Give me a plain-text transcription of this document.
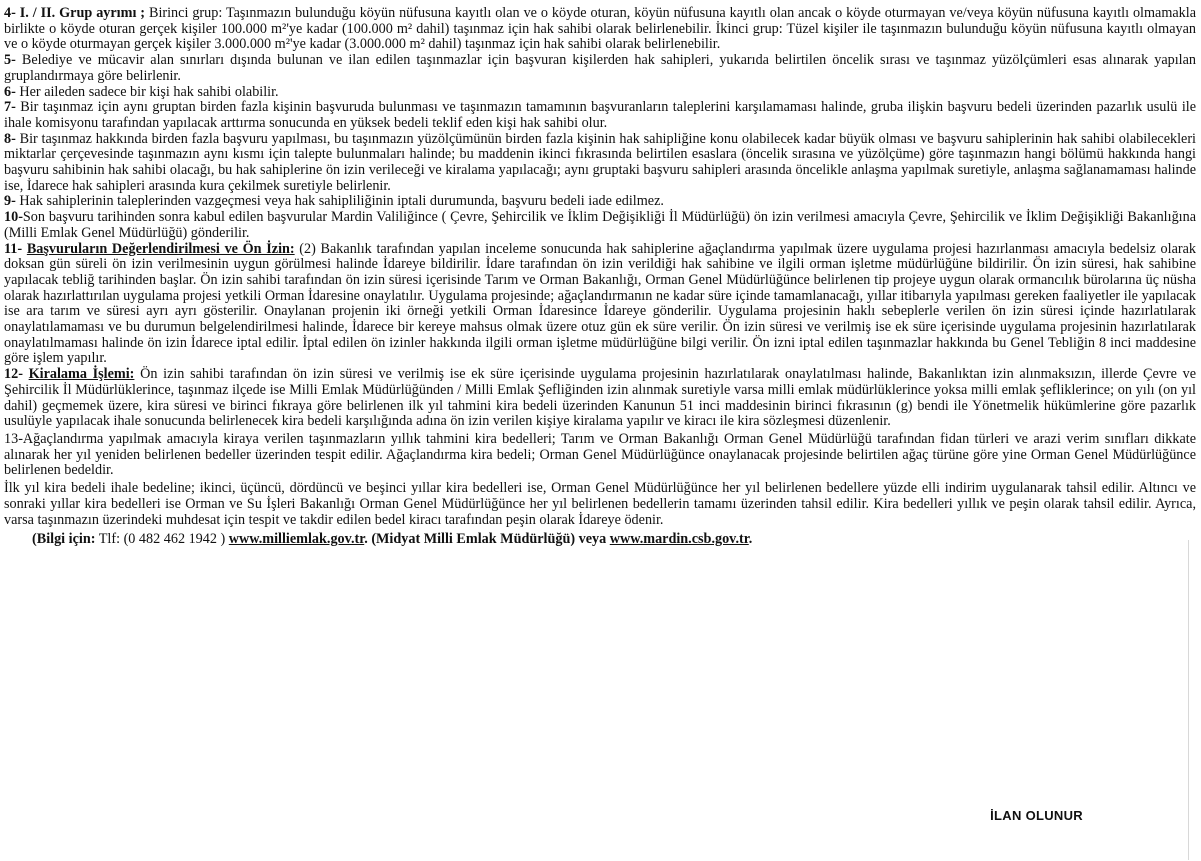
4- I. / II. Grup ayrımı ; Birinci grup: Taşınmazın bulunduğu köyün nüfusuna kayıtlı olan ve o köyde oturan, köyün nüfusuna kayıtlı olan ancak o köyde oturmayan ve/veya köyün nüfusuna kayıtlı olmamakla birlikte o köyde oturan gerçek kişiler 100.000 m²'ye kadar (100.000 m² dahil) taşınmaz için hak sahibi olarak belirlenebilir. İkinci grup: Tüzel kişiler ile taşınmazın bulunduğu köyün nüfusuna kayıtlı olmayan ve o köyde oturmayan gerçek kişiler 3.000.000 m²'ye kadar (3.000.000 m² dahil) taşınmaz için hak sahibi olarak belirlenebilir.

5- Belediye ve mücavir alan sınırları dışında bulunan ve ilan edilen taşınmazlar için başvuran kişilerden hak sahipleri, yukarıda belirtilen öncelik sırası ve taşınmaz yüzölçümleri esas alınarak yapılan gruplandırmaya göre belirlenir.

6- Her aileden sadece bir kişi hak sahibi olabilir.

7- Bir taşınmaz için aynı gruptan birden fazla kişinin başvuruda bulunması ve taşınmazın tamamının başvuranların taleplerini karşılamaması halinde, gruba ilişkin başvuru bedeli üzerinden pazarlık usulü ile ihale komisyonu tarafından yapılacak arttırma sonucunda en yüksek bedeli teklif eden kişi hak sahibi olur.

8- Bir taşınmaz hakkında birden fazla başvuru yapılması, bu taşınmazın yüzölçümünün birden fazla kişinin hak sahipliğine konu olabilecek kadar büyük olması ve başvuru sahiplerinin hak sahibi olabilecekleri miktarlar çerçevesinde taşınmazın aynı kısmı için talepte bulunmaları halinde; bu maddenin ikinci fıkrasında belirtilen esaslara (öncelik sırasına ve yüzölçüme) göre taşınmazın hangi bölümü hakkında hangi başvuru sahibinin hak sahibi olacağı, bu hak sahiplerine ön izin verileceği ve kiralama yapılacağı; aynı gruptaki başvuru sahipleri arasında öncelikle anlaşma yapılmak suretiyle, anlaşma sağlanamaması halinde ise, İdarece hak sahipleri arasında kura çekilmek suretiyle belirlenir.

9- Hak sahiplerinin taleplerinden vazgeçmesi veya hak sahipliliğinin iptali durumunda, başvuru bedeli iade edilmez.

10-Son başvuru tarihinden sonra kabul edilen başvurular Mardin Valiliğince ( Çevre, Şehircilik ve İklim Değişikliği İl Müdürlüğü) ön izin verilmesi amacıyla Çevre, Şehircilik ve İklim Değişikliği Bakanlığına (Milli Emlak Genel Müdürlüğü) gönderilir.

11- Başvuruların Değerlendirilmesi ve Ön İzin: (2) Bakanlık tarafından yapılan inceleme sonucunda hak sahiplerine ağaçlandırma yapılmak üzere uygulama projesi hazırlanması amacıyla bedelsiz olarak doksan gün süreli ön izin verilmesinin uygun görülmesi halinde İdareye bildirilir. İdare tarafından ön izin verildiği hak sahibine ve ilgili orman işletme müdürlüğüne bildirilir. Ön izin süresi, hak sahibine yapılacak tebliğ tarihinden başlar. Ön izin sahibi tarafından ön izin süresi içerisinde Tarım ve Orman Bakanlığı, Orman Genel Müdürlüğünce belirlenen tip projeye uygun olarak ormancılık bürolarına üç nüsha olarak hazırlattırılan uygulama projesi yetkili Orman İdaresine onaylatılır. Uygulama projesinde; ağaçlandırmanın ne kadar süre içinde tamamlanacağı, yıllar itibarıyla yapılması gereken faaliyetler ile yapılacak ise ara tarım ve süresi ayrı ayrı gösterilir. Onaylanan projenin iki örneği yetkili Orman İdaresince İdareye gönderilir. Uygulama projesinin haklı sebeplerle verilen ön izin süresi içinde hazırlatılarak onaylatılamaması ve bu durumun belgelendirilmesi halinde, İdarece bir kereye mahsus olmak üzere otuz gün ek süre verilir. Ön izin süresi ve verilmiş ise ek süre içerisinde uygulama projesinin hazırlatılarak onaylatılmaması halinde ön izin İdarece iptal edilir. İptal edilen ön izinler hakkında ilgili orman işletme müdürlüğüne bilgi verilir. Ön izni iptal edilen taşınmazlar hakkında bu Genel Tebliğin 8 inci maddesine göre işlem yapılır.

12- Kiralama İşlemi: Ön izin sahibi tarafından ön izin süresi ve verilmiş ise ek süre içerisinde uygulama projesinin hazırlatılarak onaylatılması halinde, Bakanlıktan izin alınmaksızın, illerde Çevre ve Şehircilik İl Müdürlüklerince, taşınmaz ilçede ise Milli Emlak Müdürlüğünden / Milli Emlak Şefliğinden izin alınmak suretiyle varsa milli emlak müdürlüklerince yoksa milli emlak şefliklerince; on yılı (on yıl dahil) geçmemek üzere, kira süresi ve birinci fıkraya göre belirlenen ilk yıl tahmini kira bedeli üzerinden Kanunun 51 inci maddesinin birinci fıkrasının (g) bendi ile Yönetmelik hükümlerine göre pazarlık usulüyle yapılacak ihale sonucunda belirlenecek kira bedeli karşılığında adına ön izin verilen kişiye kiralama yapılır ve kiracı ile kira sözleşmesi düzenlenir.

13-Ağaçlandırma yapılmak amacıyla kiraya verilen taşınmazların yıllık tahmini kira bedelleri; Tarım ve Orman Bakanlığı Orman Genel Müdürlüğü tarafından fidan türleri ve arazi verim sınıfları dikkate alınarak her yıl yeniden belirlenen bedeller üzerinden tespit edilir. Ağaçlandırma kira bedeli; Orman Genel Müdürlüğünce onaylanacak projesinde belirtilen ağaç türüne göre yine Orman Genel Müdürlüğünce belirlenen bedeldir.

İlk yıl kira bedeli ihale bedeline; ikinci, üçüncü, dördüncü ve beşinci yıllar kira bedelleri ise, Orman Genel Müdürlüğünce her yıl belirlenen bedellere yüzde elli indirim uygulanarak tahsil edilir. Altıncı ve sonraki yıllar kira bedelleri ise Orman ve Su İşleri Bakanlığı Orman Genel Müdürlüğünce her yıl belirlenen bedellerin tamamı üzerinden tahsil edilir. Kira bedelleri yıllık ve peşin olarak tahsil edilir. Ayrıca, varsa taşınmazın üzerindeki muhdesat için tespit ve takdir edilen bedel kiracı tarafından peşin olarak İdareye ödenir.

(Bilgi için: Tlf: (0 482 462 1942 ) www.milliemlak.gov.tr. (Midyat Milli Emlak Müdürlüğü) veya www.mardin.csb.gov.tr.

İLAN OLUNUR
